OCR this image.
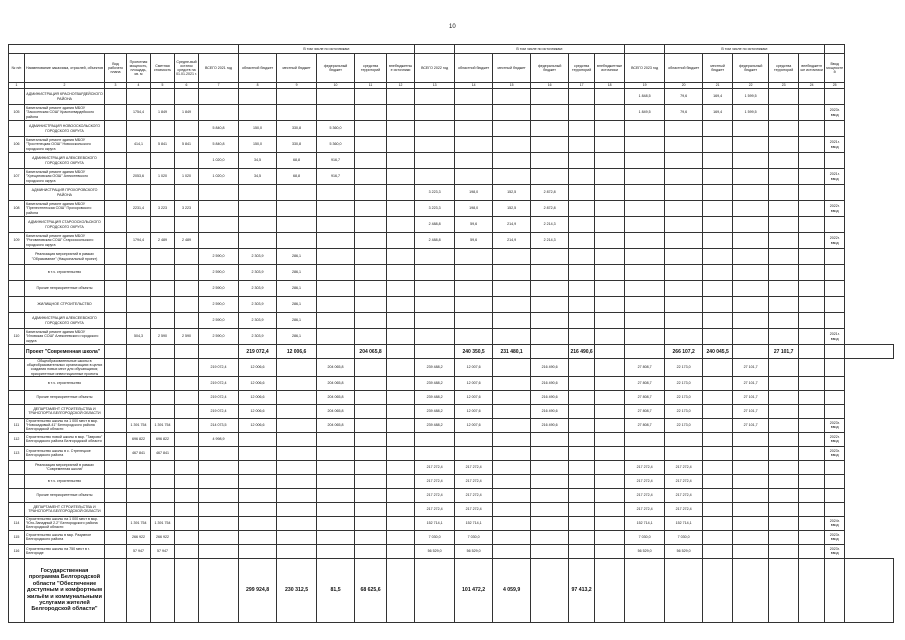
10
							В том числе по источникам:						В том числе по источникам:						В том числе по источникам:						
№ п/п	Наименование заказчика, отраслей, объектов	Вид рабочего плана	Проектная мощность, площадь, кв. м	Сметная стоимость	Средне-вый остаток средств на 01.01.2021 г.	ВСЕГО 2021 год	областной бюджет	местный бюджет	федеральный бюджет	средства территорий	внебюджетные источники	ВСЕГО 2022 год	областной бюджет	местный бюджет	федеральный бюджет	средства территорий	внебюджетные источники	ВСЕГО 2023 год	областной бюджет	местный бюджет	федеральный бюджет	средства территорий	внебюджетные источники	Ввод мощностей	
1	2	3	4	5	6	7	8	9	10	11	12	13	14	15	16	17	18	19	20	21	22	23	24	25	
	АДМИНИСТРАЦИЯ КРАСНОГВАРДЕЙСКОГО РАЙОНА																	1 848,5	79,6	169,4	1 599,5				
105	Капитальный ремонт здания МБОУ "Засосенская СОШ" Красногвардейского района		1754,4	1 849	1 849													1 849,5	79,6	169,4	1 599,5			2023г. ввод	
	АДМИНИСТРАЦИЯ НОВООСКОЛЬСКОГО ГОРОДСКОГО ОКРУГА					5 840,8	150,0	330,8	5 360,0																
106	Капитальный ремонт здания МБОУ "Тростенецкая ООШ" Новооскольского городского округа		414,1	5 841	5 841	5 840,8	150,0	330,8	5 360,0															2021г. ввод	
	АДМИНИСТРАЦИЯ АЛЕКСЕЕВСКОГО ГОРОДСКОГО ОКРУГА					1 020,0	34,5	68,8	916,7																
107	Капитальный ремонт здания МБОУ "Хрещатовская ООШ" Алексеевского городского округа		2053,6	1 020	1 020	1 020,0	34,5	68,8	916,7															2021г. ввод	
	АДМИНИСТРАЦИЯ ПРОХОРОВСКОГО РАЙОНА											3 223,3	198,0	152,5	2 872,8										
108	Капитальный ремонт здания МБОУ "Прелестненская СОШ" Прохоровского района		2231,4	3 223	3 223							3 223,3	198,0	152,5	2 872,8									2022г. ввод	
	АДМИНИСТРАЦИЯ СТАРООСКОЛЬСКОГО ГОРОДСКОГО ОКРУГА											2 488,8	59,6	214,9	2 214,3										
109	Капитальный ремонт здания МБОУ "Роговатовская СОШ" Старооскольского городского округа		1794,4	2 489	2 489							2 488,8	59,6	214,9	2 214,3									2022г. ввод	
	Реализация мероприятий в рамках "Образование" (Национальный проект)					2 590,0	2 303,9	286,1																	
	в т.ч. строительство					2 590,0	2 303,9	286,1																	
	Прочие неприоритетные объекты					2 590,0	2 303,9	286,1																	
	ЖИЛИЩНОЕ СТРОИТЕЛЬСТВО					2 590,0	2 303,9	286,1																	
	АДМИНИСТРАЦИЯ АЛЕКСЕЕВСКОГО ГОРОДСКОГО ОКРУГА					2 590,0	2 303,9	286,1																	
110	Капитальный ремонт здания МБОУ "Иловская СОШ" Алексеевского городского округа		504,3	2 590	2 590	2 590,0	2 303,9	286,1																2021г. ввод	
	Проект "Современная школа"						219 072,4	12 006,6		204 065,8			240 350,5	231 480,1		216 490,6			266 107,2	240 045,5		27 101,7			
	Общеобразовательные школы в общеобразовательных организациях в целях создания новых мест для обучающихся; приоритетные инвестиционные проекты					219 072,4	12 006,6		204 065,8			239 488,2	12 007,6		216 490,6			27 808,7	22 173,0		27 101,7				
	в т.ч. строительство					219 072,4	12 006,6		204 065,8			239 488,2	12 007,6		216 490,6			27 808,7	22 173,0		27 101,7				
	Прочие неприоритетные объекты					219 072,4	12 006,6		204 065,8			239 488,2	12 007,6		216 490,6			27 808,7	22 173,0		27 101,7				
	ДЕПАРТАМЕНТ СТРОИТЕЛЬСТВА И ТРАНСПОРТА БЕЛГОРОДСКОЙ ОБЛАСТИ					219 072,4	12 006,6		204 065,8			239 488,2	12 007,6		216 490,6			27 808,7	22 173,0		27 101,7				
111	Строительство школы на 1 000 мест в мкр. "Новосадовый-41" Белгородского района Белгородской области		1 391 754	1 391 754		214 073,5	12 006,6		204 065,8			239 488,2	12 007,6		216 490,6			27 808,7	22 173,0		27 101,7			2023г. ввод	
112	Строительство новой школы в мкр. "Таврово" Белгородского района Белгородской области		696 822	696 822		4 998,9																		2022г. ввод	
113	Строительство школы в с. Стрелецкое Белгородского района		467 841	467 841																				2023г. ввод	
	Реализация мероприятий в рамках "Современная школа"											217 272,4	217 272,4					217 272,4	217 272,4						
	в т.ч. строительство											217 272,4	217 272,4					217 272,4	217 272,4						
	Прочие неприоритетные объекты											217 272,4	217 272,4					217 272,4	217 272,4						
	ДЕПАРТАМЕНТ СТРОИТЕЛЬСТВА И ТРАНСПОРТА БЕЛГОРОДСКОЙ ОБЛАСТИ											217 272,4	217 272,4					217 272,4	217 272,4						
114	Строительство школы на 1 000 мест в мкр. "Юго-Западный 2.2" Белгородского района Белгородской области		1 391 754	1 391 754								152 714,1	152 714,1					152 714,1	152 714,1					2024г. ввод	
115	Строительство школы в мкр. Разумное Белгородского района		266 922	266 922								7 030,0	7 030,0					7 030,0	7 030,0					2023г. ввод	
116	Строительство школы на 750 мест в г. Белгороде		57 947	57 947								56 529,0	56 529,0					56 529,0	56 529,0					2023г. ввод	
	Государственная программа Белгородской области "Обеспечение доступным и комфортным жильём и коммунальными услугами жителей Белгородской области"						299 924,8	230 312,5	81,5	68 625,6			101 472,2	4 059,9		97 413,2									
